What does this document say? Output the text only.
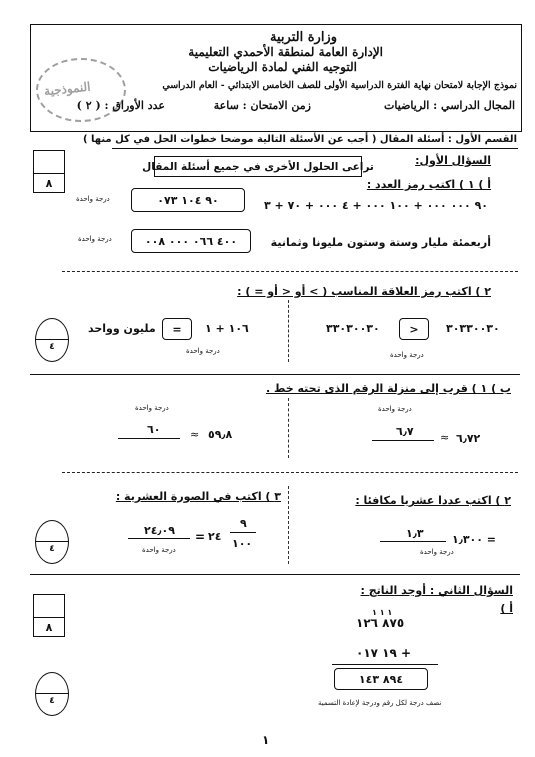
النموذجية
وزارة التربية
الإدارة العامة لمنطقة الأحمدي التعليمية
التوجيه الفني لمادة الرياضيات
نموذج الإجابة لامتحان نهاية الفترة الدراسية الأولى للصف الخامس الابتدائي - العام الدراسي
المجال الدراسي : الرياضيات
زمن الامتحان : ساعة
عدد الأوراق : ( ٢ )
القسم الأول : أسئلة المقال ( أجب عن الأسئلة التالية موضحا خطوات الحل في كل منها )
٨
السؤال الأول:
تراعى الحلول الأخرى في جميع أسئلة المقال
أ ) ١ ) اكتب رمز العدد :
٩٠ ٠٠٠ ٠٠٠ + ١٠٠ ٠٠٠ + ٤ ٠٠٠ + ٧٠ + ٣
٩٠ ١٠٤ ٠٧٣
درجة واحدة
أربعمئة مليار وستة وستون مليونا وثمانية
٤٠٠ ٠٦٦ ٠٠٠ ٠٠٨
درجة واحدة
٢ ) اكتب رمز العلاقة المناسب ( > أو < أو = ) :
٣٠٣٣٠٠٣٠
>
٣٣٠٣٠٠٣٠
درجة واحدة
١٠٦ + ١
=
مليون وواحد
درجة واحدة
٤
ب ) ١ ) قرب إلى منزلة الرقم الذى تحته خط .
درجة واحدة
٦٫٧٢
≈
٦٫٧
درجة واحدة
٥٩٫٨
≈
٦٠
٢ ) اكتب عددا عشريا مكافئا :
٣ ) اكتب في الصورة العشرية :
١٫٣٠٠ =
١٫٣
درجة واحدة
٢٤٫٠٩ = ٢٤
٩
١٠٠
درجة واحدة
٤
٨
السؤال الثاني : أوجد الناتج :
أ )
١ ١ ١
٨٧٥ ١٢٦
١٩ ٠١٧ +
٨٩٤ ١٤٣
نصف درجة لكل رقم ودرجة لإعادة التسمية
٤
١
